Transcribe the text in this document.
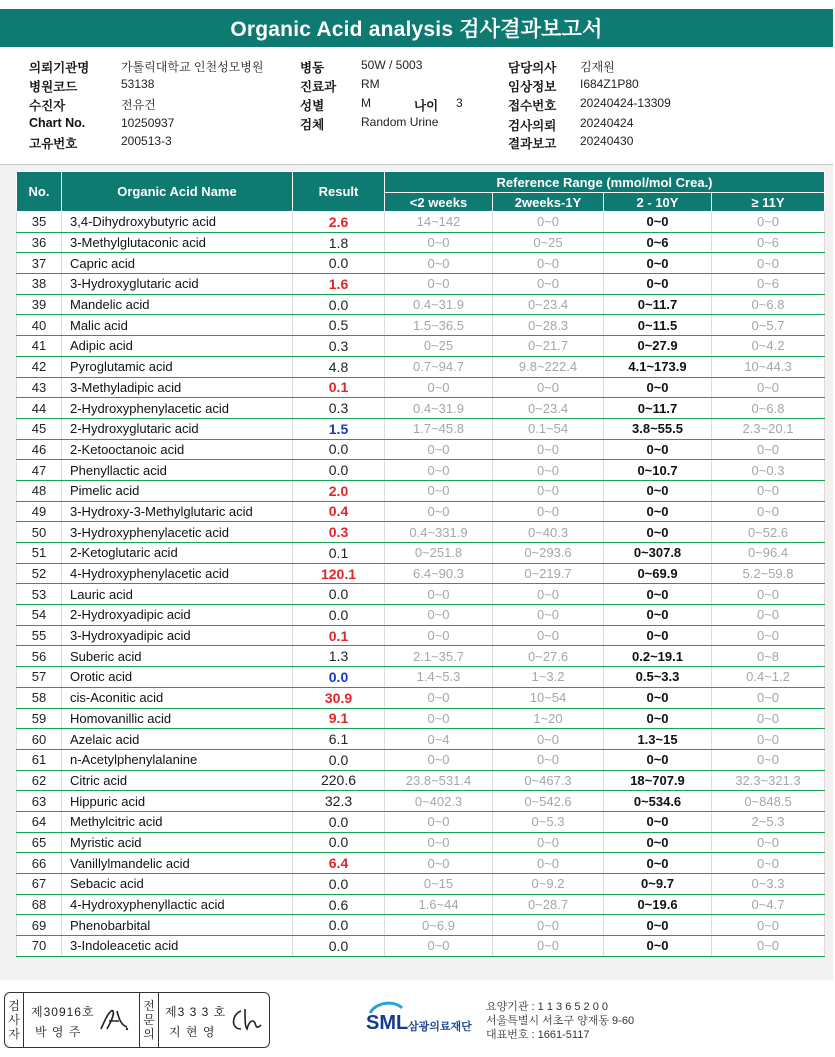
Organic Acid analysis 검사결과보고서
의뢰기관명	가톨릭대학교 인천성모병원
병원코드	53138
수진자	전유건
Chart No.	10250937
고유번호	200513-3
병동	50W / 5003
진료과 RM
성별	M	나이 3
검체	Random Urine
담당의사 김재원
임상정보 I684Z1P80
접수번호 20240424-13309
검사의뢰 20240424
결과보고 20240430
No.	Organic Acid Name	Result	Reference Range (mmol/mol Crea.)			
			<2 weeks	2weeks-1Y	2 - 10Y	≥ 11Y
35	3,4-Dihydroxybutyric acid	2.6	14~142	0~0	0~0	0~0
36	3-Methylglutaconic acid	1.8	0~0	0~25	0~6	0~6
37	Capric acid	0.0	0~0	0~0	0~0	0~0
38	3-Hydroxyglutaric acid	1.6	0~0	0~0	0~0	0~6
39	Mandelic acid	0.0	0.4~31.9	0~23.4	0~11.7	0~6.8
40	Malic acid	0.5	1.5~36.5	0~28.3	0~11.5	0~5.7
41	Adipic acid	0.3	0~25	0~21.7	0~27.9	0~4.2
42	Pyroglutamic acid	4.8	0.7~94.7	9.8~222.4	4.1~173.9	10~44.3
43	3-Methyladipic acid	0.1	0~0	0~0	0~0	0~0
44	2-Hydroxyphenylacetic acid	0.3	0.4~31.9	0~23.4	0~11.7	0~6.8
45	2-Hydroxyglutaric acid	1.5	1.7~45.8	0.1~54	3.8~55.5	2.3~20.1
46	2-Ketooctanoic acid	0.0	0~0	0~0	0~0	0~0
47	Phenyllactic acid	0.0	0~0	0~0	0~10.7	0~0.3
48	Pimelic acid	2.0	0~0	0~0	0~0	0~0
49	3-Hydroxy-3-Methylglutaric acid	0.4	0~0	0~0	0~0	0~0
50	3-Hydroxyphenylacetic acid	0.3	0.4~331.9	0~40.3	0~0	0~52.6
51	2-Ketoglutaric acid	0.1	0~251.8	0~293.6	0~307.8	0~96.4
52	4-Hydroxyphenylacetic acid	120.1	6.4~90.3	0~219.7	0~69.9	5.2~59.8
53	Lauric acid	0.0	0~0	0~0	0~0	0~0
54	2-Hydroxyadipic acid	0.0	0~0	0~0	0~0	0~0
55	3-Hydroxyadipic acid	0.1	0~0	0~0	0~0	0~0
56	Suberic acid	1.3	2.1~35.7	0~27.6	0.2~19.1	0~8
57	Orotic acid	0.0	1.4~5.3	1~3.2	0.5~3.3	0.4~1.2
58	cis-Aconitic acid	30.9	0~0	10~54	0~0	0~0
59	Homovanillic acid	9.1	0~0	1~20	0~0	0~0
60	Azelaic acid	6.1	0~4	0~0	1.3~15	0~0
61	n-Acetylphenylalanine	0.0	0~0	0~0	0~0	0~0
62	Citric acid	220.6	23.8~531.4	0~467.3	18~707.9	32.3~321.3
63	Hippuric acid	32.3	0~402.3	0~542.6	0~534.6	0~848.5
64	Methylcitric acid	0.0	0~0	0~5.3	0~0	2~5.3
65	Myristic acid	0.0	0~0	0~0	0~0	0~0
66	Vanillylmandelic acid	6.4	0~0	0~0	0~0	0~0
67	Sebacic acid	0.0	0~15	0~9.2	0~9.7	0~3.3
68	4-Hydroxyphenyllactic acid	0.6	1.6~44	0~28.7	0~19.6	0~4.7
69	Phenobarbital	0.0	0~6.9	0~0	0~0	0~0
70	3-Indoleacetic acid	0.0	0~0	0~0	0~0	0~0
검사자
제30916호
박 영 주
전문의
제3 3 3 호
지 현 영	SML 삼광의료재단
요양기관 : 1 1 3 6 5 2 0 0
서울특별시 서초구 양재동 9-60
대표번호 : 1661-5117
